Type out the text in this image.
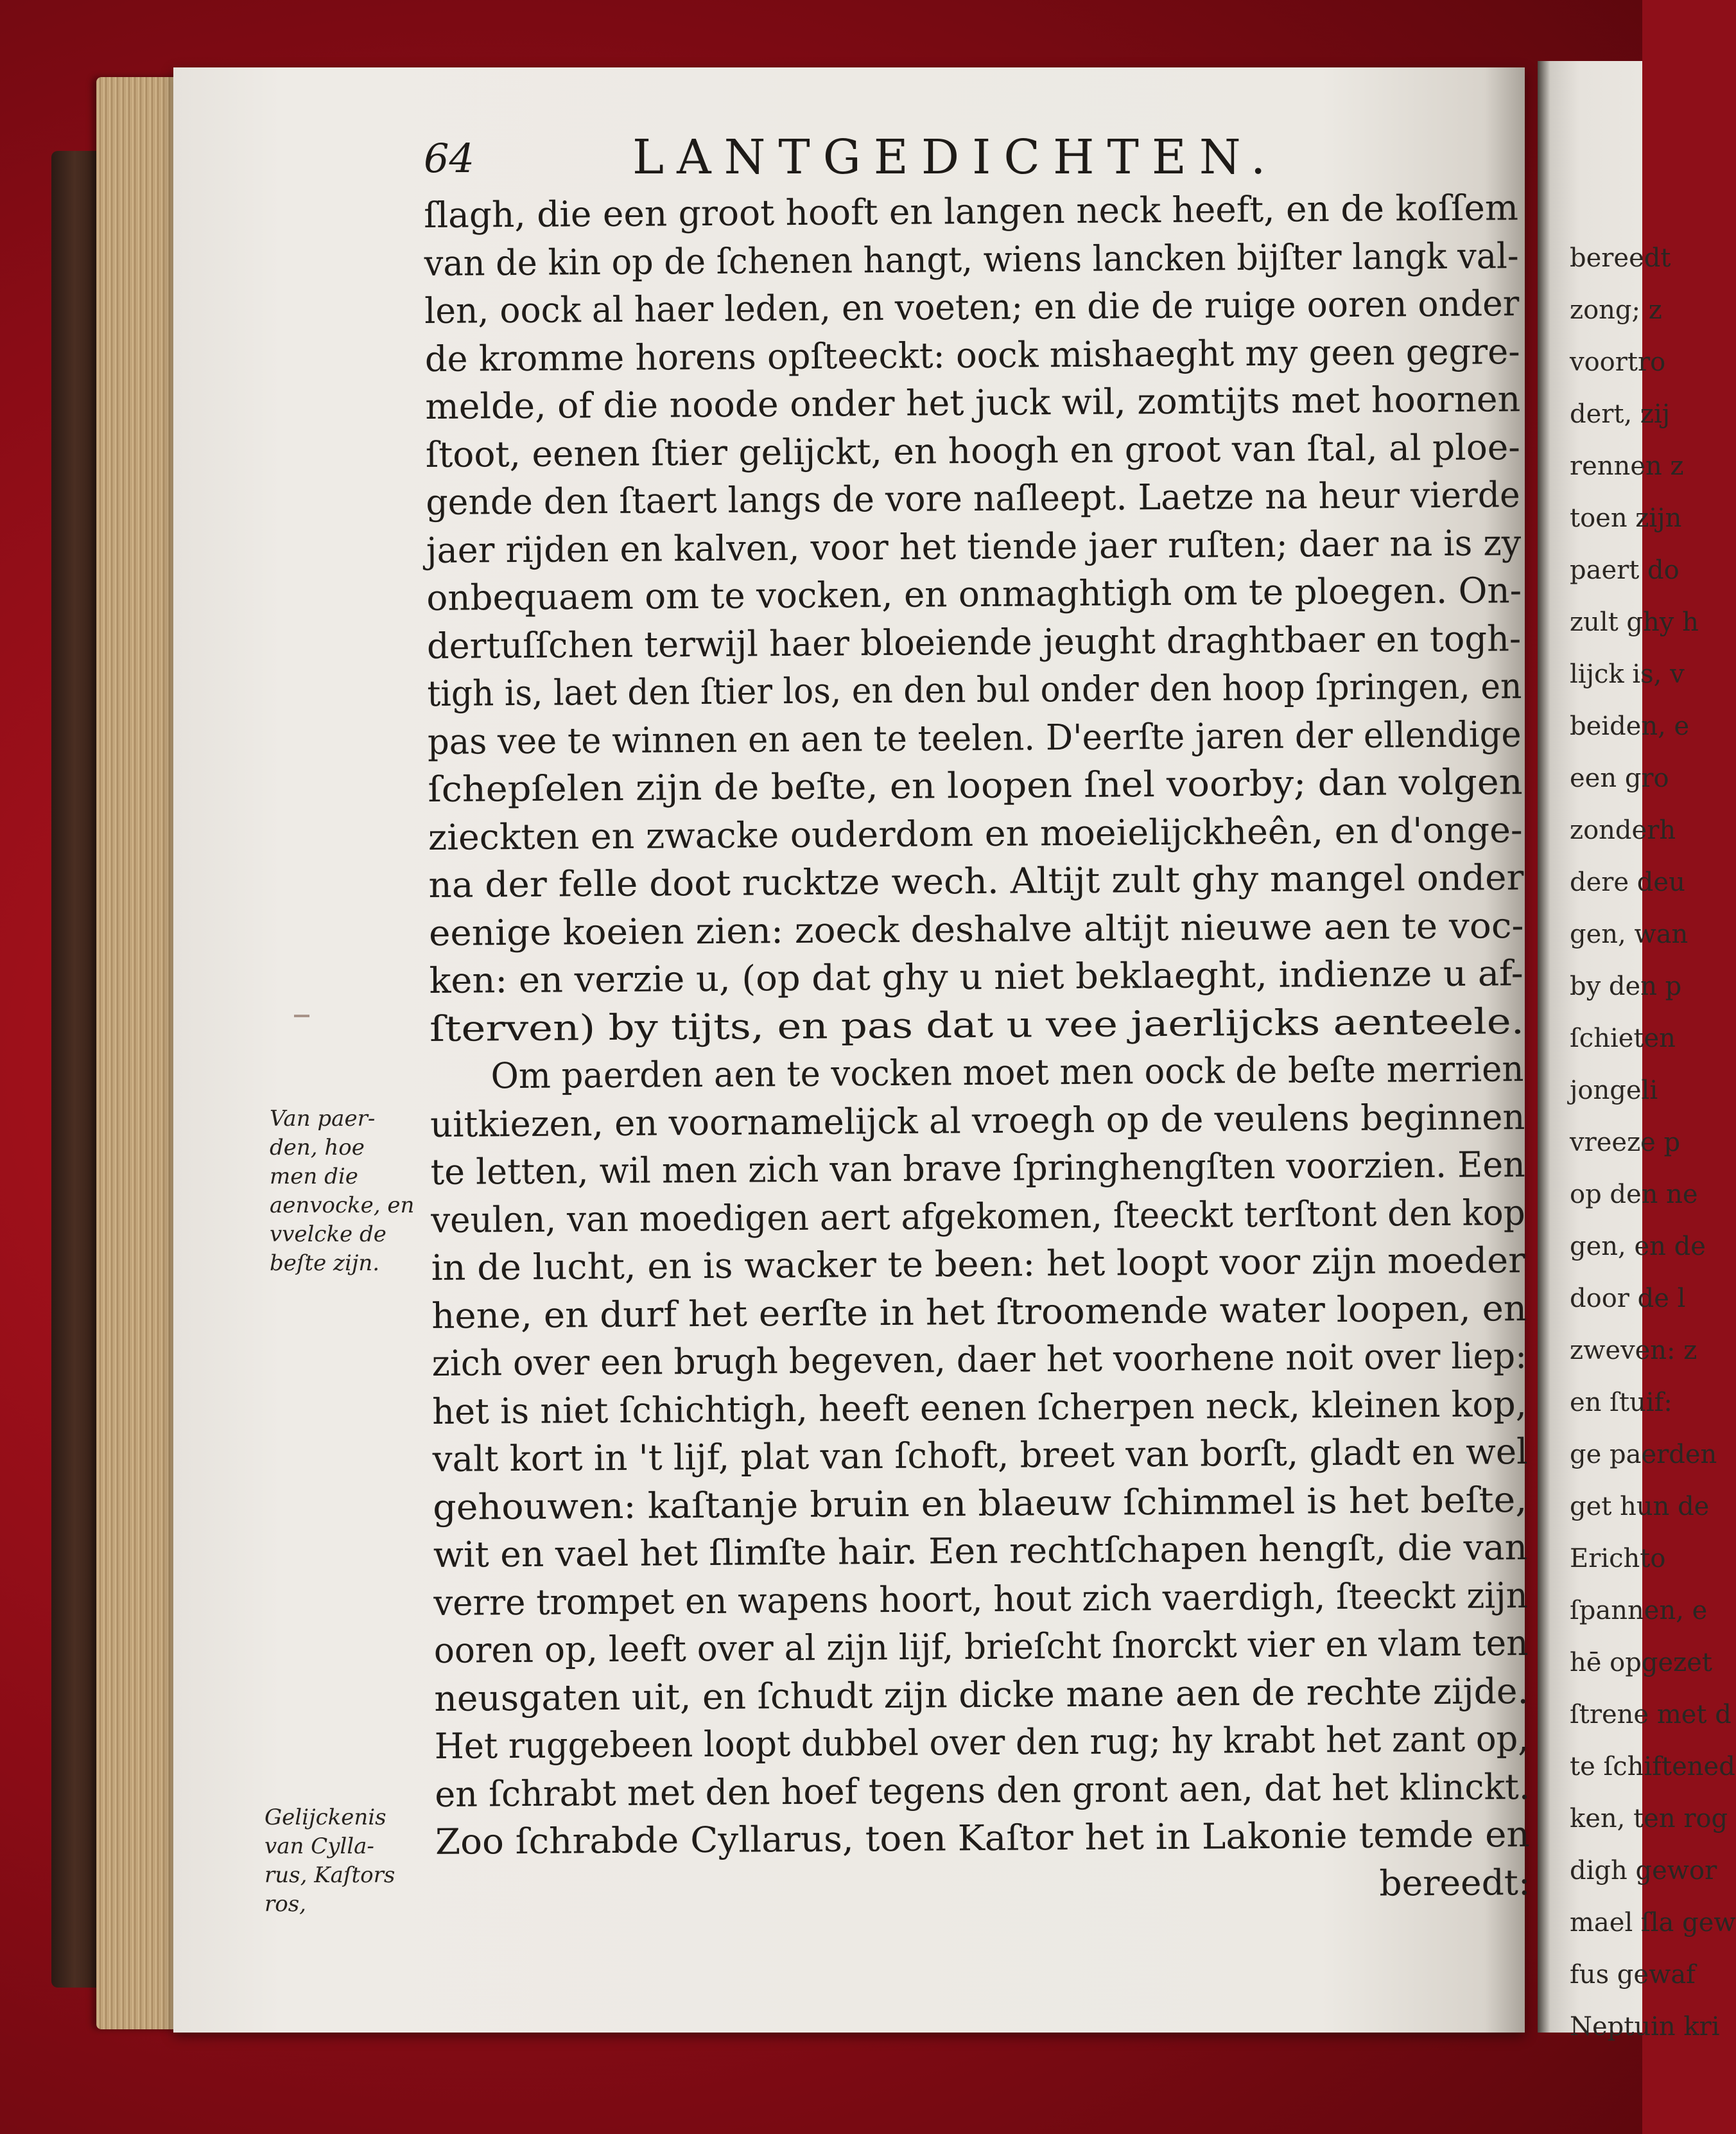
64	LANTGEDICHTEN.
Van paer-
den, hoe
men die
aenvocke, en
vvelcke de
beſte zijn.
Gelijckenis
van Cylla-
rus, Kaſtors
ros,
ſlagh, die een groot hooft en langen neck heeft, en de koſſem
van de kin op de ſchenen hangt, wiens lancken bijſter langk val-
len, oock al haer leden, en voeten; en die de ruige ooren onder
de kromme horens opſteeckt: oock mishaeght my geen gegre-
melde, of die noode onder het juck wil, zomtijts met hoornen
ſtoot, eenen ſtier gelijckt, en hoogh en groot van ſtal, al ploe-
gende den ſtaert langs de vore naſleept. Laetze na heur vierde
jaer rijden en kalven, voor het tiende jaer ruſten; daer na is zy
onbequaem om te vocken, en onmaghtigh om te ploegen. On-
dertuſſchen terwijl haer bloeiende jeught draghtbaer en togh-
tigh is, laet den ſtier los, en den bul onder den hoop ſpringen, en
pas vee te winnen en aen te teelen. D'eerſte jaren der ellendige
ſchepſelen zijn de beſte, en loopen ſnel voorby; dan volgen
zieckten en zwacke ouderdom en moeielijckheên, en d'onge-
na der felle doot rucktze wech. Altijt zult ghy mangel onder
eenige koeien zien: zoeck deshalve altijt nieuwe aen te voc-
ken: en verzie u, (op dat ghy u niet beklaeght, indienze u af-
ſterven) by tijts, en pas dat u vee jaerlijcks aenteele.
Om paerden aen te vocken moet men oock de beſte merrien
uitkiezen, en voornamelijck al vroegh op de veulens beginnen
te letten, wil men zich van brave ſpringhengſten voorzien. Een
veulen, van moedigen aert afgekomen, ſteeckt terſtont den kop
in de lucht, en is wacker te been: het loopt voor zijn moeder
hene, en durf het eerſte in het ſtroomende water loopen, en
zich over een brugh begeven, daer het voorhene noit over liep:
het is niet ſchichtigh, heeft eenen ſcherpen neck, kleinen kop,
valt kort in 't lijf, plat van ſchoft, breet van borſt, gladt en wel
gehouwen: kaſtanje bruin en blaeuw ſchimmel is het beſte,
wit en vael het ſlimſte hair. Een rechtſchapen hengſt, die van
verre trompet en wapens hoort, hout zich vaerdigh, ſteeckt zijn
ooren op, leeft over al zijn lijf, brieſcht ſnorckt vier en vlam ten
neusgaten uit, en ſchudt zijn dicke mane aen de rechte zijde.
Het ruggebeen loopt dubbel over den rug; hy krabt het zant op,
en ſchrabt met den hoef tegens den gront aen, dat het klinckt.
Zoo ſchrabde Cyllarus, toen Kaſtor het in Lakonie temde en
bereedt:
bereedt
zong; z
voortro
dert, zij
rennen z
toen zijn
paert do
zult ghy h
lijck is, v
beiden, e
een gro
zonderh
dere deu
gen, wan
by den p
ſchieten
jongeli
vreeze p
op den ne
gen, en de
door de l
zweven: z
en ſtuif:
ge paerden
get hun de
Erichto
ſpannen, e
hē opgezet
ſtrene met d
te ſchiftened
ken, ten rog
digh gewor
mael ſla gew
fus gewaf
Neptuin kri
